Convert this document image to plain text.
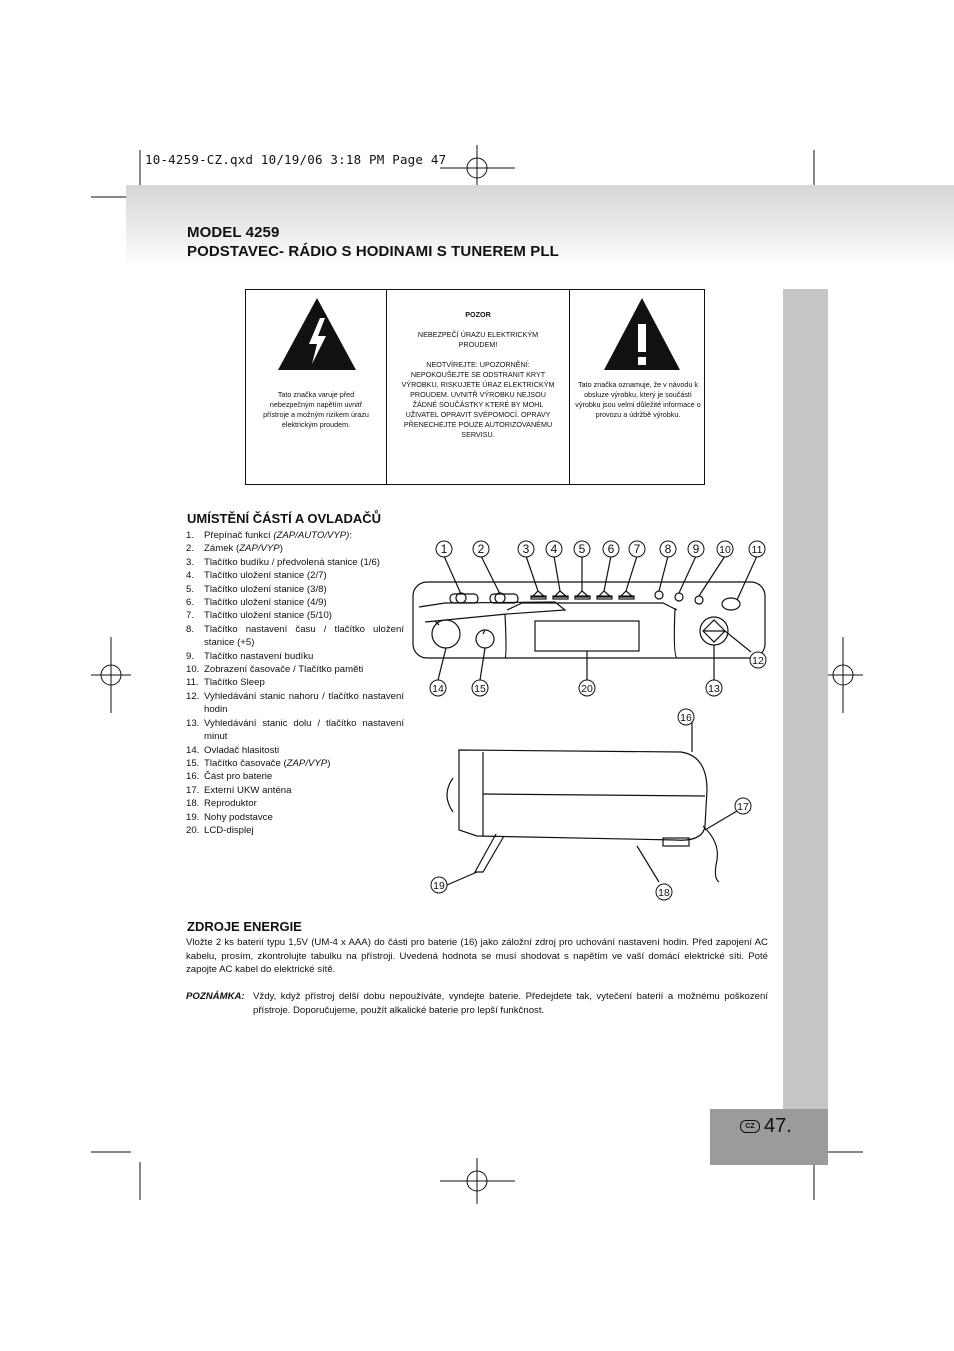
10-4259-CZ.qxd 10/19/06 3:18 PM Page 47
MODEL 4259
PODSTAVEC- RÁDIO S HODINAMI S TUNEREM PLL
CZ 47.
Tato značka varuje před nebezpečným napětím uvnitř přístroje a možným rizikem úrazu elektrickým proudem.
POZOR
NEBEZPEČÍ ÚRAZU ELEKTRICKÝM PROUDEM!
NEOTVÍREJTE: UPOZORNĚNÍ: NEPOKOUŠEJTE SE ODSTRANIT KRYT VÝROBKU, RISKUJETE ÚRAZ ELEKTRICKÝM PROUDEM. UVNITŘ VÝROBKU NEJSOU ŽÁDNÉ SOUČÁSTKY KTERÉ BY MOHL UŽIVATEL OPRAVIT SVÉPOMOCÍ. OPRAVY PŘENECHEJTE POUZE AUTORIZOVANÉMU SERVISU.
Tato značka oznamuje, že v návodu k obsluze výrobku, který je součástí výrobku jsou velmi důležité informace o provozu a údržbě výrobku.
UMÍSTĚNÍ ČÁSTÍ A OVLADAČŮ
1. Přepínač funkcí (ZAP/AUTO/VYP):
2. Zámek (ZAP/VYP)
3. Tlačítko budíku / předvolená stanice (1/6)
4. Tlačítko uložení stanice (2/7)
5. Tlačítko uložení stanice (3/8)
6. Tlačítko uložení stanice (4/9)
7. Tlačítko uložení stanice (5/10)
8. Tlačítko nastavení času / tlačítko uložení stanice (+5)
9. Tlačítko nastavení budíku
10. Zobrazení časovače / Tlačítko paměti
11. Tlačítko Sleep
12. Vyhledávání stanic nahoru / tlačítko nastavení hodin
13. Vyhledávání stanic dolu / tlačítko nastavení minut
14. Ovladač hlasitosti
15. Tlačítko časovače (ZAP/VYP)
16. Část pro baterie
17. Externí UKW anténa
18. Reproduktor
19. Nohy podstavce
20. LCD-displej
1	2	3 4 5 6 7 8 9 10 11
12
13
14	15
16
17
18
19
20
ZDROJE ENERGIE
Vložte 2 ks baterií typu 1,5V (UM-4 x AAA) do části pro baterie (16) jako záložní zdroj pro uchování nastavení hodin. Před zapojení AC kabelu, prosím, zkontrolujte tabulku na přístroji. Uvedená hodnota se musí shodovat s napětím ve vaší domácí elektrické síti. Poté zapojte AC kabel do elektrické sítě.
POZNÁMKA: Vždy, když přístroj delší dobu nepoužíváte, vyndejte baterie. Předejdete tak, vytečení baterií a možnému poškození přístroje. Doporučujeme, použít alkalické baterie pro lepší funkčnost.
